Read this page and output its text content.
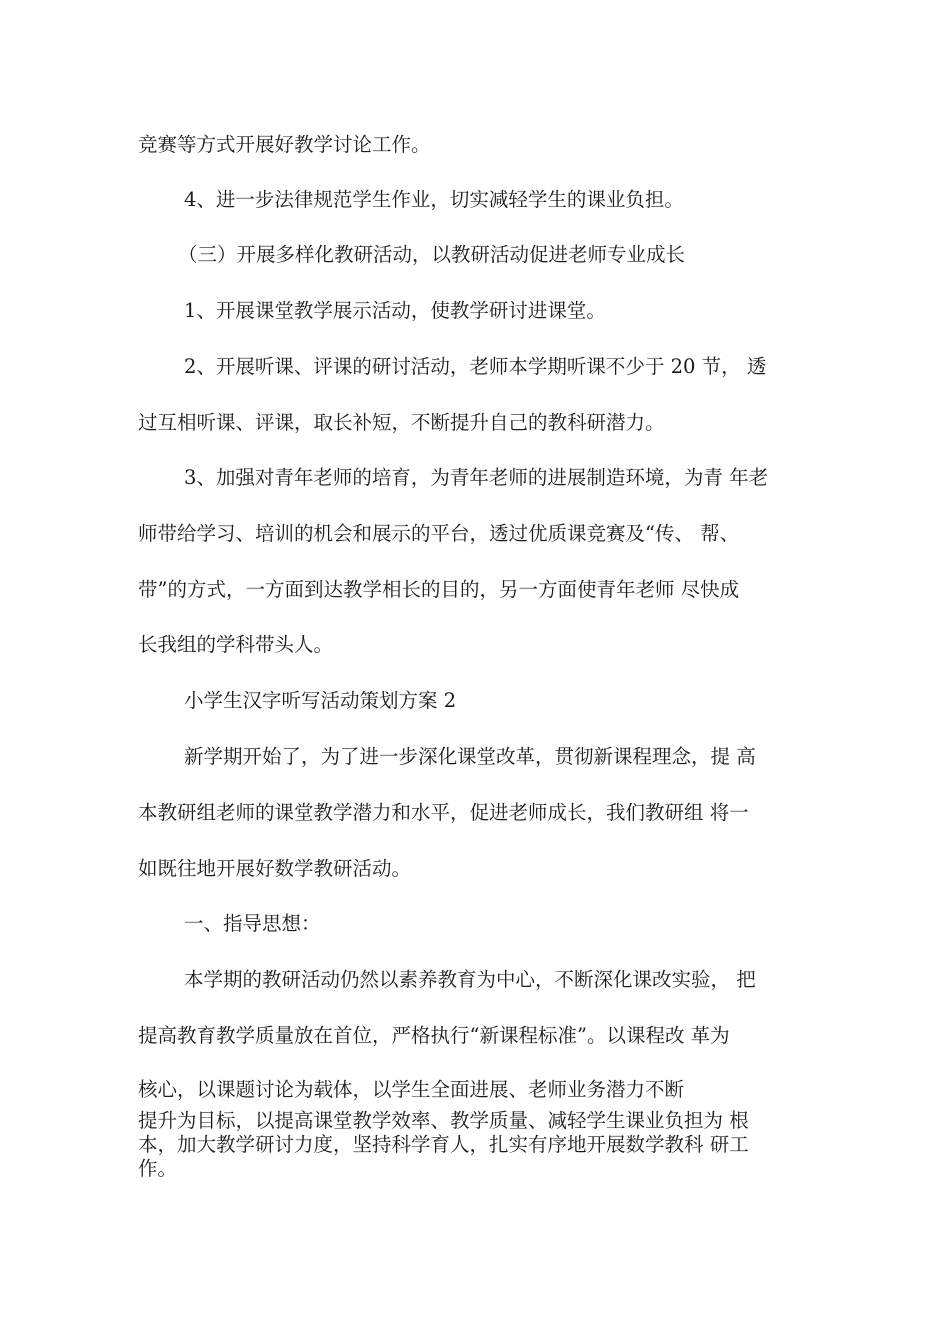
竞赛等方式开展好教学讨论工作。
4、进一步法律规范学生作业，切实减轻学生的课业负担。
（三）开展多样化教研活动，以教研活动促进老师专业成长
1、开展课堂教学展示活动，使教学研讨进课堂。
2、开展听课、评课的研讨活动，老师本学期听课不少于 20 节， 透
过互相听课、评课，取长补短，不断提升自己的教科研潜力。
3、加强对青年老师的培育，为青年老师的进展制造环境，为青 年老
师带给学习、培训的机会和展示的平台，透过优质课竞赛及“传、 帮、
带”的方式，一方面到达教学相长的目的，另一方面使青年老师 尽快成
长我组的学科带头人。
小学生汉字听写活动策划方案 2
新学期开始了，为了进一步深化课堂改革，贯彻新课程理念，提 高
本教研组老师的课堂教学潜力和水平，促进老师成长，我们教研组 将一
如既往地开展好数学教研活动。
一、指导思想：
本学期的教研活动仍然以素养教育为中心，不断深化课改实验， 把
提高教育教学质量放在首位，严格执行“新课程标准”。以课程改 革为
核心，以课题讨论为载体，以学生全面进展、老师业务潜力不断
提升为目标，以提高课堂教学效率、教学质量、减轻学生课业负担为 根
本，加大教学研讨力度，坚持科学育人，扎实有序地开展数学教科 研工
作。
